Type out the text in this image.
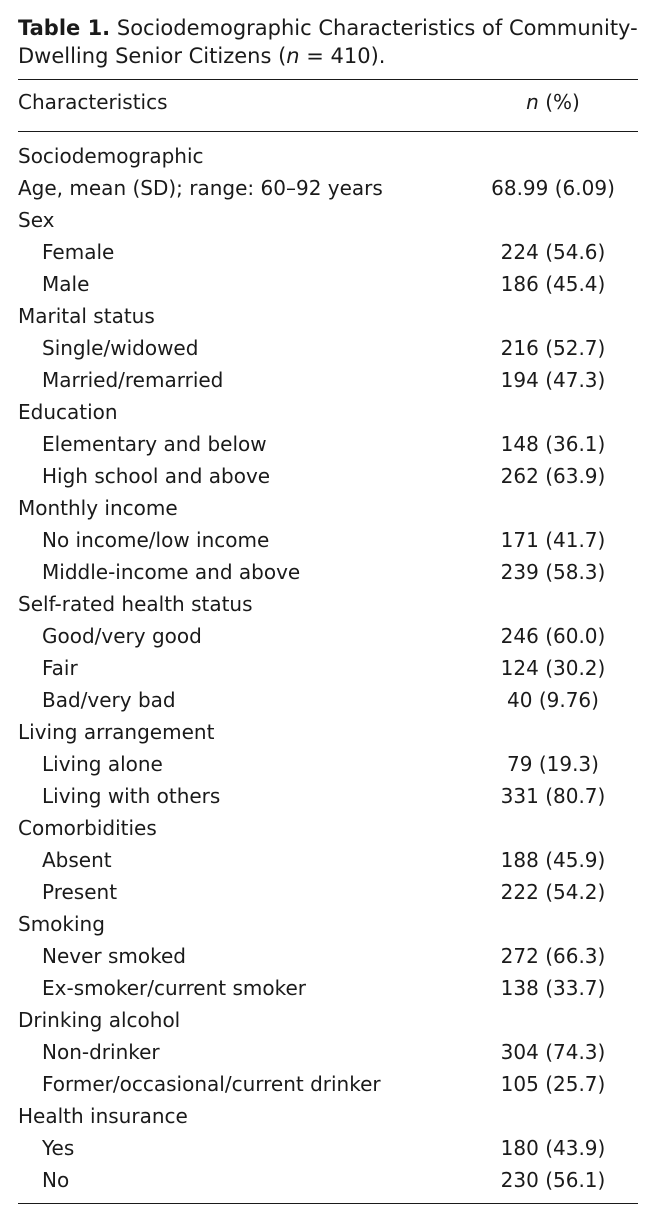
Table 1. Sociodemographic Characteristics of Community-Dwelling Senior Citizens (n = 410).
Characteristics	n (%)
Sociodemographic
Age, mean (SD); range: 60–92 years	68.99 (6.09)
Sex
Female	224 (54.6)
Male	186 (45.4)
Marital status
Single/widowed	216 (52.7)
Married/remarried	194 (47.3)
Education
Elementary and below	148 (36.1)
High school and above	262 (63.9)
Monthly income
No income/low income	171 (41.7)
Middle-income and above	239 (58.3)
Self-rated health status
Good/very good	246 (60.0)
Fair	124 (30.2)
Bad/very bad	40 (9.76)
Living arrangement
Living alone	79 (19.3)
Living with others	331 (80.7)
Comorbidities
Absent	188 (45.9)
Present	222 (54.2)
Smoking
Never smoked	272 (66.3)
Ex-smoker/current smoker	138 (33.7)
Drinking alcohol
Non-drinker	304 (74.3)
Former/occasional/current drinker	105 (25.7)
Health insurance
Yes	180 (43.9)
No	230 (56.1)
